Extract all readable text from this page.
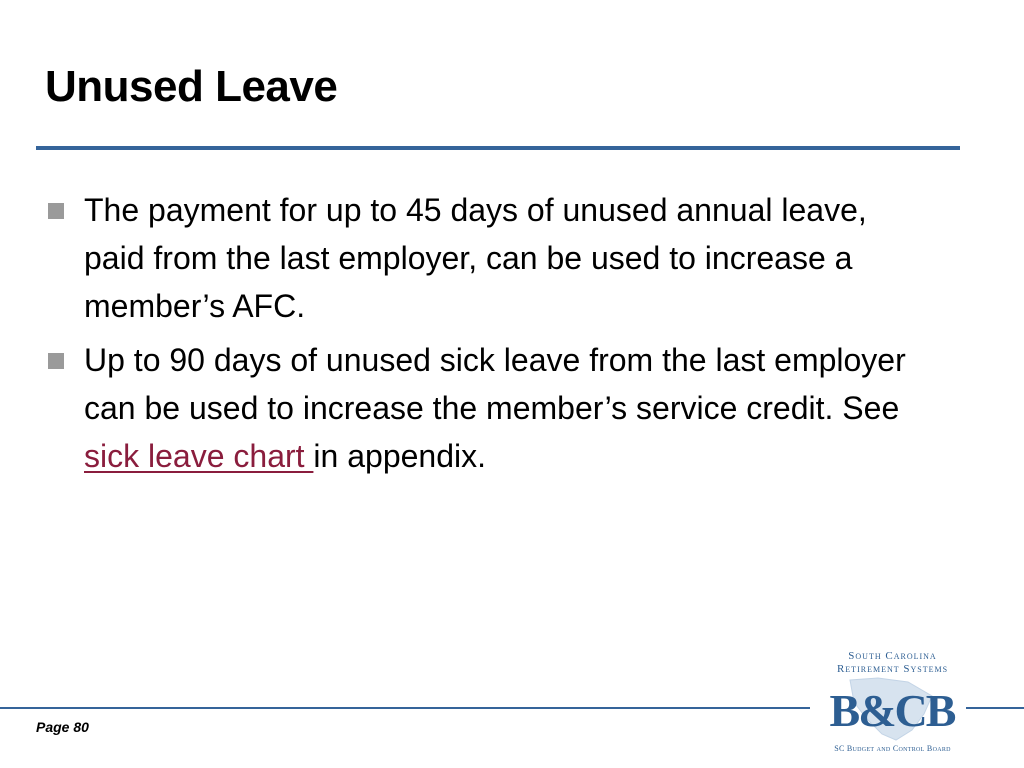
Unused Leave
The payment for up to 45 days of unused annual leave, paid from the last employer, can be used to increase a member’s AFC.
Up to 90 days of unused sick leave from the last employer can be used to increase the member’s service credit. See sick leave chart in appendix.
Page 80
South Carolina
Retirement Systems
B&CB
SC Budget and Control Board
